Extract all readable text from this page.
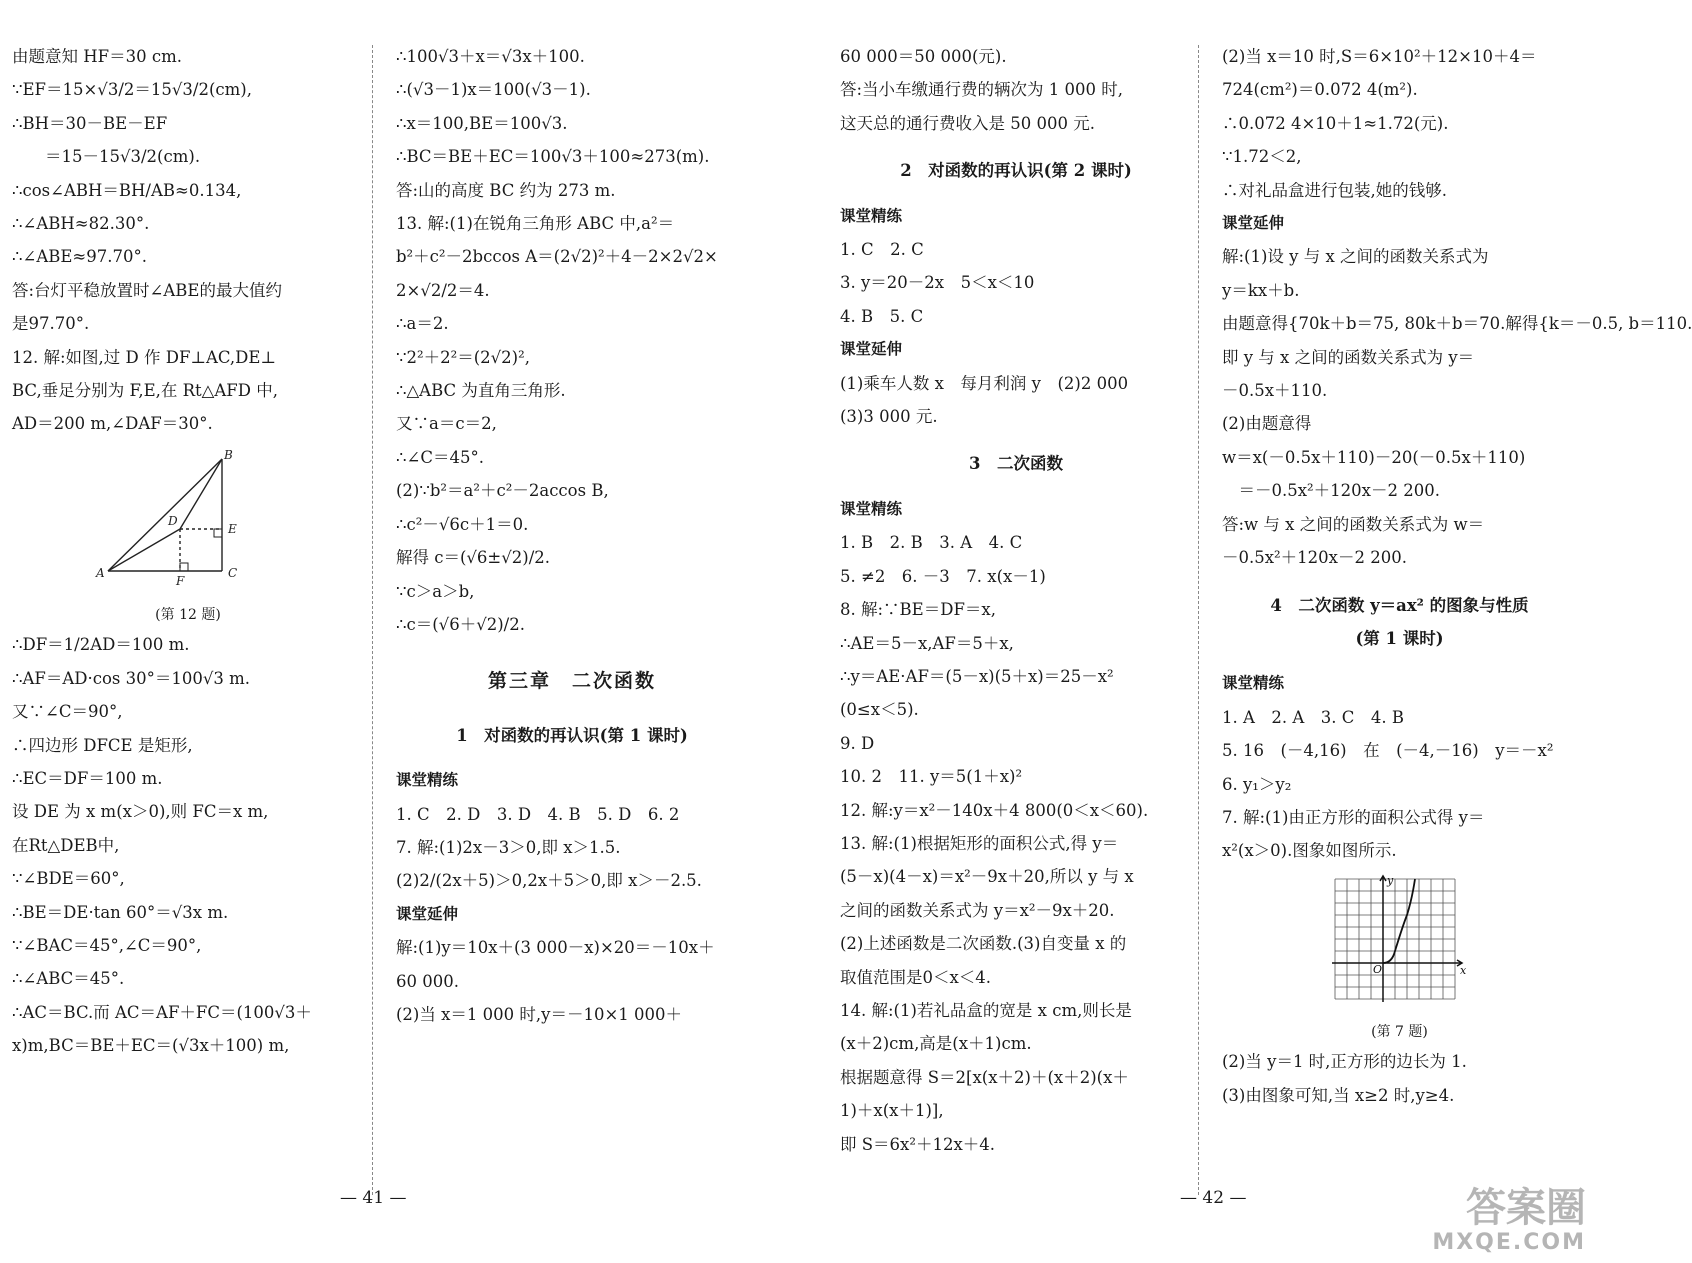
由题意知 HF＝30 cm.
∵EF＝15×√3/2＝15√3/2(cm),
∴BH＝30－BE－EF
　　＝15－15√3/2(cm).
∴cos∠ABH＝BH/AB≈0.134,
∴∠ABH≈82.30°.
∴∠ABE≈97.70°.
答:台灯平稳放置时∠ABE的最大值约
是97.70°.
12. 解:如图,过 D 作 DF⊥AC,DE⊥
BC,垂足分别为 F,E,在 Rt△AFD 中,
AD＝200 m,∠DAF＝30°.
A
B
C
D
E
F
(第 12 题)
∴DF＝1/2AD＝100 m.
∴AF＝AD·cos 30°＝100√3 m.
又∵∠C＝90°,
∴四边形 DFCE 是矩形,
∴EC＝DF＝100 m.
设 DE 为 x m(x＞0),则 FC＝x m,
在Rt△DEB中,
∵∠BDE＝60°,
∴BE＝DE·tan 60°＝√3x m.
∵∠BAC＝45°,∠C＝90°,
∴∠ABC＝45°.
∴AC＝BC.而 AC＝AF＋FC＝(100√3＋
x)m,BC＝BE＋EC＝(√3x＋100) m,
∴100√3＋x＝√3x＋100.
∴(√3－1)x＝100(√3－1).
∴x＝100,BE＝100√3.
∴BC＝BE＋EC＝100√3＋100≈273(m).
答:山的高度 BC 约为 273 m.
13. 解:(1)在锐角三角形 ABC 中,a²＝
b²＋c²－2bccos A＝(2√2)²＋4－2×2√2×
2×√2/2＝4.
∴a＝2.
∵2²＋2²＝(2√2)²,
∴△ABC 为直角三角形.
又∵a＝c＝2,
∴∠C＝45°.
(2)∵b²＝a²＋c²－2accos B,
∴c²－√6c＋1＝0.
解得 c＝(√6±√2)/2.
∵c＞a＞b,
∴c＝(√6＋√2)/2.
第三章　二次函数
1　对函数的再认识(第 1 课时)
课堂精练
1. C　2. D　3. D　4. B　5. D　6. 2
7. 解:(1)2x－3＞0,即 x＞1.5.
(2)2/(2x＋5)＞0,2x＋5＞0,即 x＞－2.5.
课堂延伸
解:(1)y＝10x＋(3 000－x)×20＝－10x＋
60 000.
(2)当 x＝1 000 时,y＝－10×1 000＋
60 000＝50 000(元).
答:当小车缴通行费的辆次为 1 000 时,
这天总的通行费收入是 50 000 元.
2　对函数的再认识(第 2 课时)
课堂精练
1. C　2. C
3. y＝20－2x　5＜x＜10
4. B　5. C
课堂延伸
(1)乘车人数 x　每月利润 y　(2)2 000
(3)3 000 元.
3　二次函数
课堂精练
1. B　2. B　3. A　4. C
5. ≠2　6. －3　7. x(x－1)
8. 解:∵BE＝DF＝x,
∴AE＝5－x,AF＝5＋x,
∴y＝AE·AF＝(5－x)(5＋x)＝25－x²
(0≤x＜5).
9. D
10. 2　11. y＝5(1＋x)²
12. 解:y＝x²－140x＋4 800(0＜x＜60).
13. 解:(1)根据矩形的面积公式,得 y＝
(5－x)(4－x)＝x²－9x＋20,所以 y 与 x
之间的函数关系式为 y＝x²－9x＋20.
(2)上述函数是二次函数.(3)自变量 x 的
取值范围是0＜x＜4.
14. 解:(1)若礼品盒的宽是 x cm,则长是
(x＋2)cm,高是(x＋1)cm.
根据题意得 S＝2[x(x＋2)＋(x＋2)(x＋
1)＋x(x＋1)],
即 S＝6x²＋12x＋4.
(2)当 x＝10 时,S＝6×10²＋12×10＋4＝
724(cm²)＝0.072 4(m²).
∴0.072 4×10＋1≈1.72(元).
∵1.72＜2,
∴对礼品盒进行包装,她的钱够.
课堂延伸
解:(1)设 y 与 x 之间的函数关系式为
y＝kx＋b.
由题意得{70k＋b＝75, 80k＋b＝70.解得{k＝－0.5, b＝110.
即 y 与 x 之间的函数关系式为 y＝
－0.5x＋110.
(2)由题意得
w＝x(－0.5x＋110)－20(－0.5x＋110)
　＝－0.5x²＋120x－2 200.
答:w 与 x 之间的函数关系式为 w＝
－0.5x²＋120x－2 200.
4　二次函数 y＝ax² 的图象与性质
(第 1 课时)
课堂精练
1. A　2. A　3. C　4. B
5. 16　(－4,16)　在　(－4,－16)　y＝－x²
6. y₁＞y₂
7. 解:(1)由正方形的面积公式得 y＝
x²(x＞0).图象如图所示.
O	x
y
(第 7 题)
(2)当 y＝1 时,正方形的边长为 1.
(3)由图象可知,当 x≥2 时,y≥4.
— 41 —	— 42 —	答案圈
MXQE.COM
